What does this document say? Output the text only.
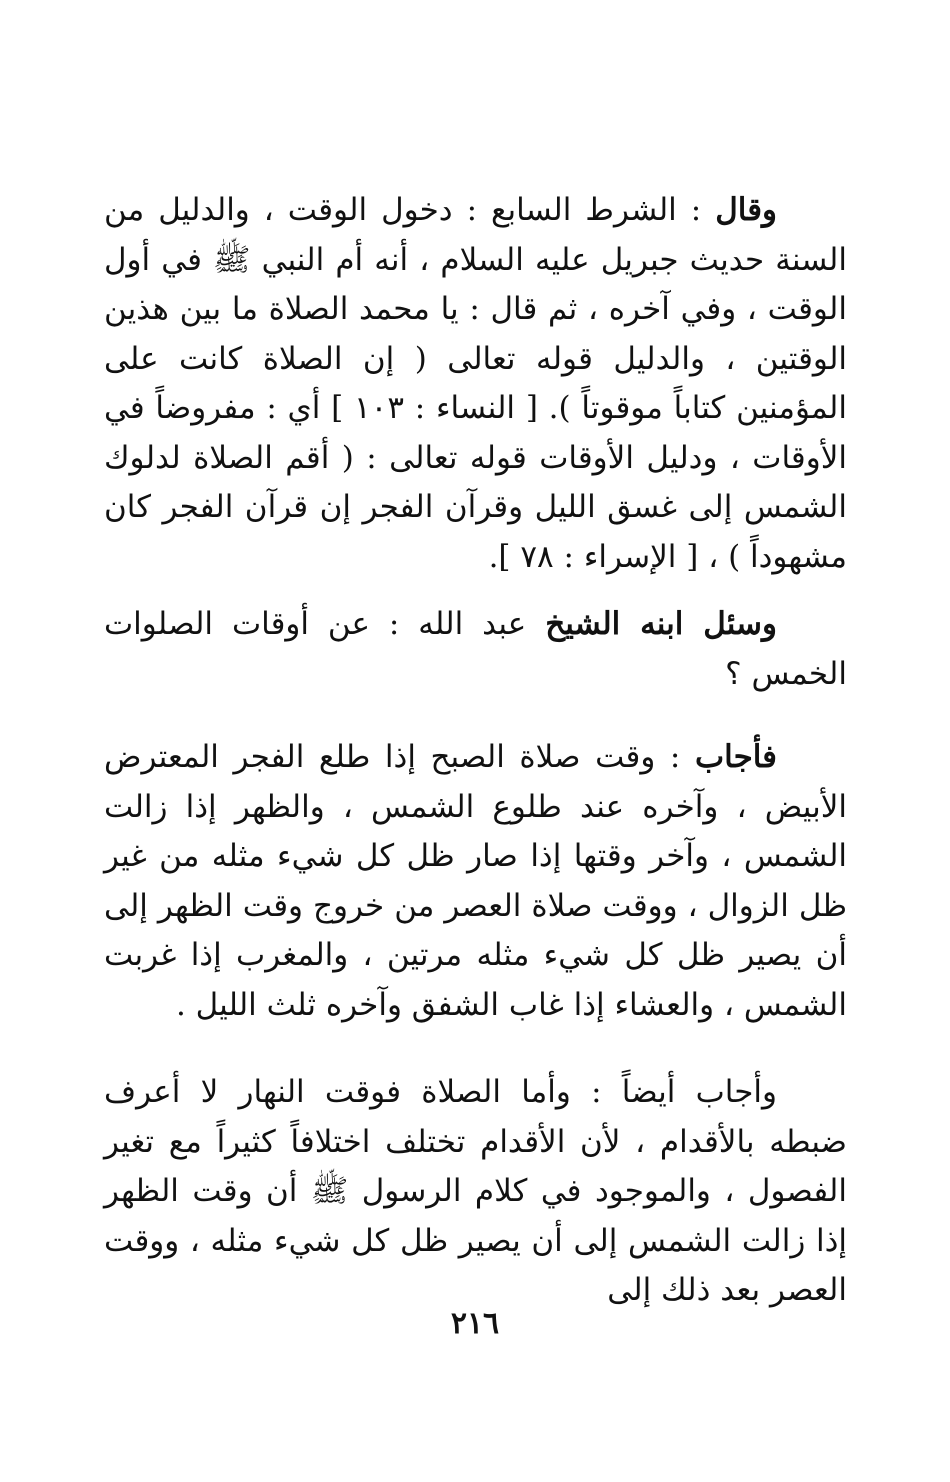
وقال : الشرط السابع : دخول الوقت ، والدليل من السنة حديث جبريل عليه السلام ، أنه أم النبي ﷺ في أول الوقت ، وفي آخره ، ثم قال : يا محمد الصلاة ما بين هذين الوقتين ، والدليل قوله تعالى ( إن الصلاة كانت على المؤمنين كتاباً موقوتاً ). [ النساء : ١٠٣ ] أي : مفروضاً في الأوقات ، ودليل الأوقات قوله تعالى : ( أقم الصلاة لدلوك الشمس إلى غسق الليل وقرآن الفجر إن قرآن الفجر كان مشهوداً ) ، [ الإسراء : ٧٨ ].

وسئل ابنه الشيخ عبد الله : عن أوقات الصلوات الخمس ؟

فأجاب : وقت صلاة الصبح إذا طلع الفجر المعترض الأبيض ، وآخره عند طلوع الشمس ، والظهر إذا زالت الشمس ، وآخر وقتها إذا صار ظل كل شيء مثله من غير ظل الزوال ، ووقت صلاة العصر من خروج وقت الظهر إلى أن يصير ظل كل شيء مثله مرتين ، والمغرب إذا غربت الشمس ، والعشاء إذا غاب الشفق وآخره ثلث الليل .

وأجاب أيضاً : وأما الصلاة فوقت النهار لا أعرف ضبطه بالأقدام ، لأن الأقدام تختلف اختلافاً كثيراً مع تغير الفصول ، والموجود في كلام الرسول ﷺ أن وقت الظهر إذا زالت الشمس إلى أن يصير ظل كل شيء مثله ، ووقت العصر بعد ذلك إلى

٢١٦
